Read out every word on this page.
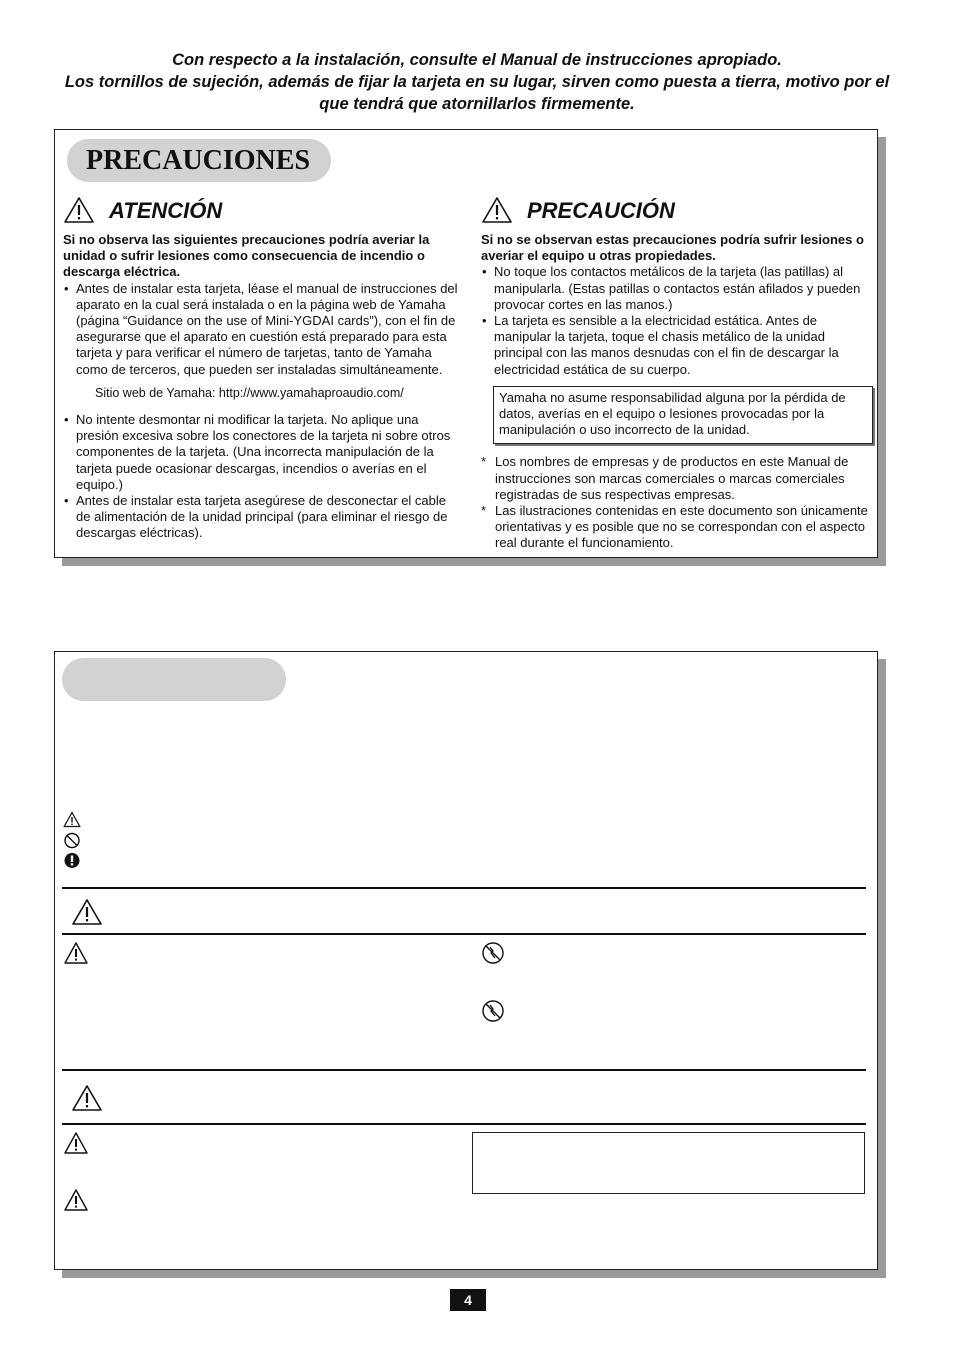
Con respecto a la instalación, consulte el Manual de instrucciones apropiado.
Los tornillos de sujeción, además de fijar la tarjeta en su lugar, sirven como puesta a tierra, motivo por el
que tendrá que atornillarlos firmemente.
PRECAUCIONES
ATENCIÓN
Si no observa las siguientes precauciones podría averiar la unidad o sufrir lesiones como consecuencia de incendio o descarga eléctrica.
• Antes de instalar esta tarjeta, léase el manual de instrucciones del aparato en la cual será instalada o en la página web de Yamaha (página “Guidance on the use of Mini-YGDAI cards”), con el fin de asegurarse que el aparato en cuestión está preparado para esta tarjeta y para verificar el número de tarjetas, tanto de Yamaha como de terceros, que pueden ser instaladas simultáneamente.
Sitio web de Yamaha: http://www.yamahaproaudio.com/
• No intente desmontar ni modificar la tarjeta. No aplique una presión excesiva sobre los conectores de la tarjeta ni sobre otros componentes de la tarjeta. (Una incorrecta manipulación de la tarjeta puede ocasionar descargas, incendios o averías en el equipo.)
• Antes de instalar esta tarjeta asegúrese de desconectar el cable de alimentación de la unidad principal (para eliminar el riesgo de descargas eléctricas).
PRECAUCIÓN
Si no se observan estas precauciones podría sufrir lesiones o averiar el equipo u otras propiedades.
• No toque los contactos metálicos de la tarjeta (las patillas) al manipularla. (Estas patillas o contactos están afilados y pueden provocar cortes en las manos.)
• La tarjeta es sensible a la electricidad estática. Antes de manipular la tarjeta, toque el chasis metálico de la unidad principal con las manos desnudas con el fin de descargar la electricidad estática de su cuerpo.
Yamaha no asume responsabilidad alguna por la pérdida de datos, averías en el equipo o lesiones provocadas por la manipulación o uso incorrecto de la unidad.
* Los nombres de empresas y de productos en este Manual de instrucciones son marcas comerciales o marcas comerciales registradas de sus respectivas empresas.
* Las ilustraciones contenidas en este documento son únicamente orientativas y es posible que no se correspondan con el aspecto real durante el funcionamiento.
4
